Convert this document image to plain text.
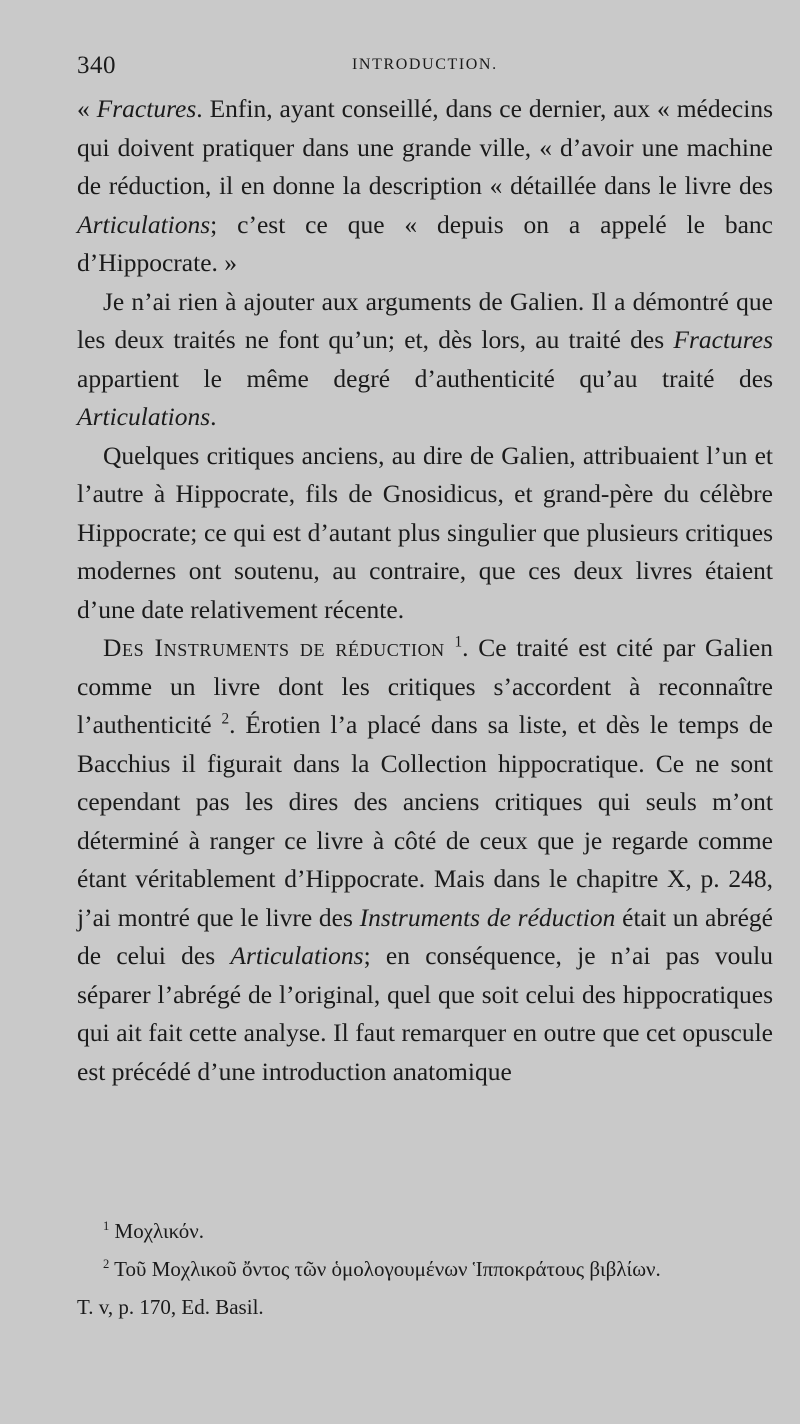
340	INTRODUCTION.

« Fractures. Enfin, ayant conseillé, dans ce dernier, aux « médecins qui doivent pratiquer dans une grande ville, « d’avoir une machine de réduction, il en donne la description « détaillée dans le livre des Articulations; c’est ce que « depuis on a appelé le banc d’Hippocrate. »

Je n’ai rien à ajouter aux arguments de Galien. Il a démontré que les deux traités ne font qu’un; et, dès lors, au traité des Fractures appartient le même degré d’authenticité qu’au traité des Articulations.

Quelques critiques anciens, au dire de Galien, attribuaient l’un et l’autre à Hippocrate, fils de Gnosidicus, et grand-père du célèbre Hippocrate; ce qui est d’autant plus singulier que plusieurs critiques modernes ont soutenu, au contraire, que ces deux livres étaient d’une date relativement récente.

Des Instruments de réduction $^1$. Ce traité est cité par Galien comme un livre dont les critiques s’accordent à reconnaître l’authenticité $^2$. Érotien l’a placé dans sa liste, et dès le temps de Bacchius il figurait dans la Collection hippocratique. Ce ne sont cependant pas les dires des anciens critiques qui seuls m’ont déterminé à ranger ce livre à côté de ceux que je regarde comme étant véritablement d’Hippocrate. Mais dans le chapitre X, p. 248, j’ai montré que le livre des Instruments de réduction était un abrégé de celui des Articulations; en conséquence, je n’ai pas voulu séparer l’abrégé de l’original, quel que soit celui des hippocratiques qui ait fait cette analyse. Il faut remarquer en outre que cet opuscule est précédé d’une introduction anatomique

$^1$ Μοχλικόν.

$^2$ Τοῦ Μοχλικοῦ ὄντος τῶν ὁμολογουμένων Ἱπποκράτους βιβλίων.

T. v, p. 170, Ed. Basil.
